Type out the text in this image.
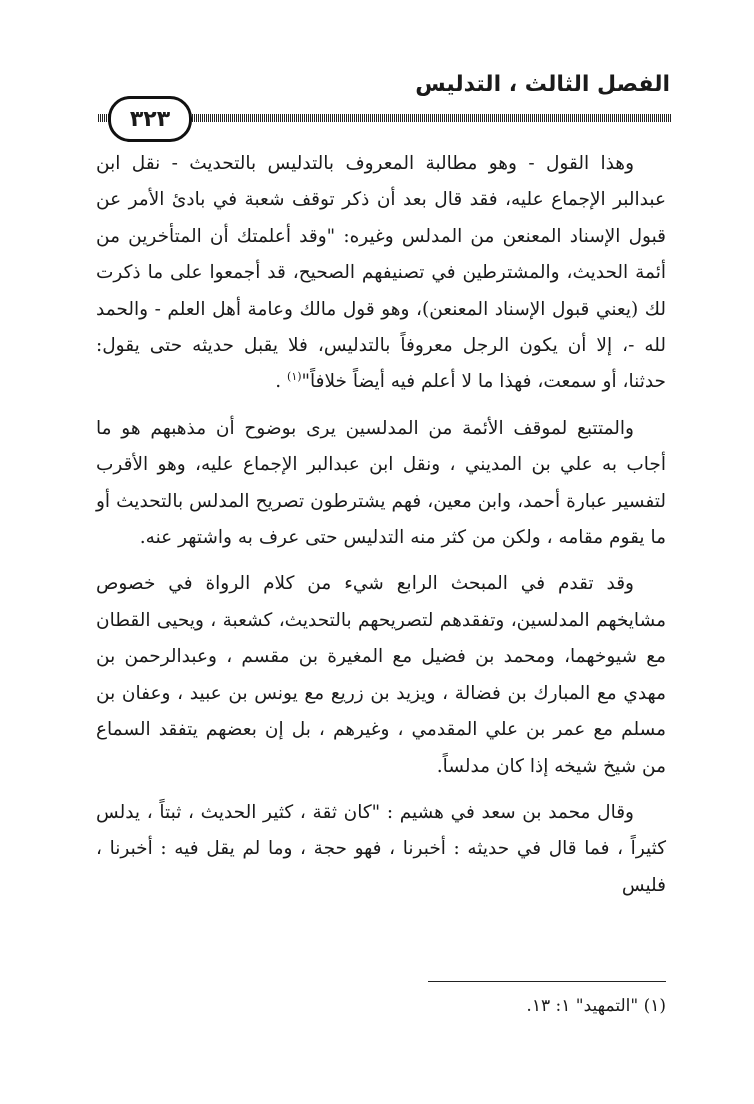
الفصل الثالث ، التدليس
٣٢٣

وهذا القول - وهو مطالبة المعروف بالتدليس بالتحديث - نقل ابن عبدالبر الإجماع عليه، فقد قال بعد أن ذكر توقف شعبة في بادئ الأمر عن قبول الإسناد المعنعن من المدلس وغيره: "وقد أعلمتك أن المتأخرين من أئمة الحديث، والمشترطين في تصنيفهم الصحيح، قد أجمعوا على ما ذكرت لك (يعني قبول الإسناد المعنعن)، وهو قول مالك وعامة أهل العلم - والحمد لله -، إلا أن يكون الرجل معروفاً بالتدليس، فلا يقبل حديثه حتى يقول: حدثنا، أو سمعت، فهذا ما لا أعلم فيه أيضاً خلافاً"$^{(١)}$ .

والمتتبع لموقف الأئمة من المدلسين يرى بوضوح أن مذهبهم هو ما أجاب به علي بن المديني ، ونقل ابن عبدالبر الإجماع عليه، وهو الأقرب لتفسير عبارة أحمد، وابن معين، فهم يشترطون تصريح المدلس بالتحديث أو ما يقوم مقامه ، ولكن من كثر منه التدليس حتى عرف به واشتهر عنه.

وقد تقدم في المبحث الرابع شيء من كلام الرواة في خصوص مشايخهم المدلسين، وتفقدهم لتصريحهم بالتحديث، كشعبة ، ويحيى القطان مع شيوخهما، ومحمد بن فضيل مع المغيرة بن مقسم ، وعبدالرحمن بن مهدي مع المبارك بن فضالة ، ويزيد بن زريع مع يونس بن عبيد ، وعفان بن مسلم مع عمر بن علي المقدمي ، وغيرهم ، بل إن بعضهم يتفقد السماع من شيخ شيخه إذا كان مدلساً.

وقال محمد بن سعد في هشيم : "كان ثقة ، كثير الحديث ، ثبتاً ، يدلس كثيراً ، فما قال في حديثه : أخبرنا ، فهو حجة ، وما لم يقل فيه : أخبرنا ، فليس

(١) "التمهيد" ١: ١٣.
